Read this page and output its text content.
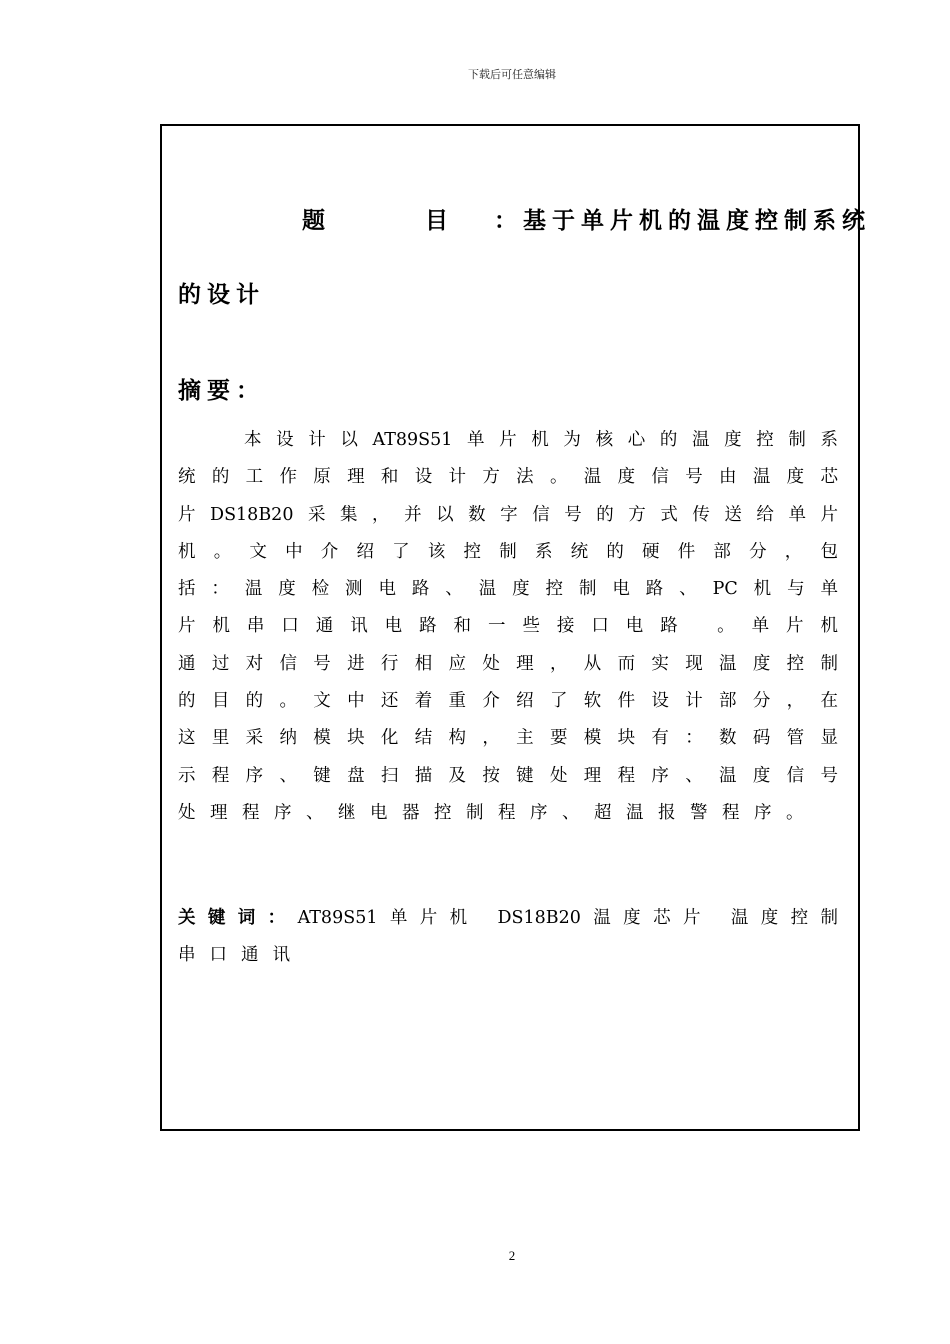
下载后可任意编辑
题 目：基于单片机的温度控制系统
的设计
摘要：
本设计以AT89S51单片机为核心的温度控制系
统的工作原理和设计方法。温度信号由温度芯
片DS18B20采集，并以数字信号的方式传送给单片
机。文中介绍了该控制系统的硬件部分，包
括：温度检测电路、温度控制电路、PC机与单
片机串口通讯电路和一些接口电路 。单片机
通过对信号进行相应处理，从而实现温度控制
的目的。文中还着重介绍了软件设计部分，在
这里采纳模块化结构，主要模块有：数码管显
示程序、键盘扫描及按键处理程序、温度信号
处理程序、继电器控制程序、超温报警程序。
关键词：AT89S51单片机 DS18B20温度芯片 温度控制
串口通讯
2
